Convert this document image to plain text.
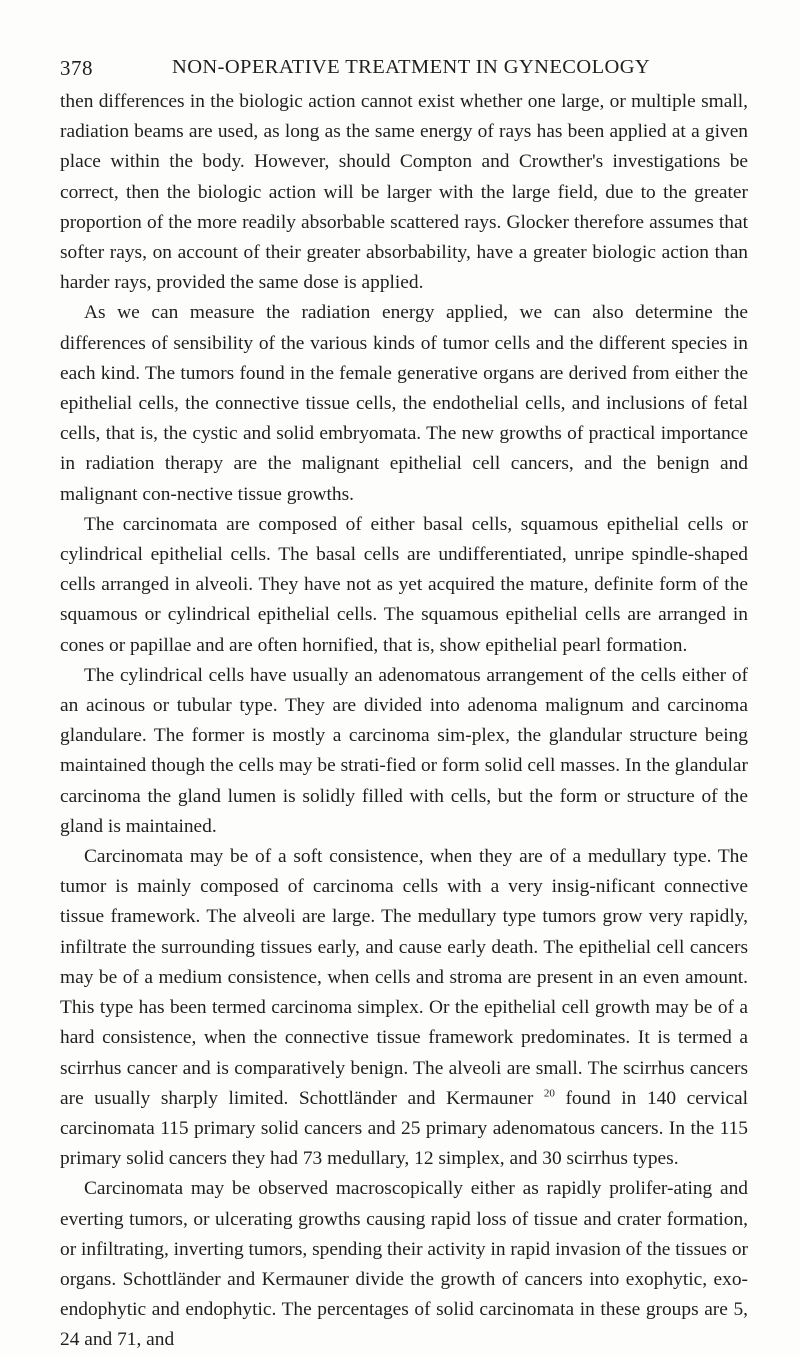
378	NON-OPERATIVE TREATMENT IN GYNECOLOGY

then differences in the biologic action cannot exist whether one large, or multiple small, radiation beams are used, as long as the same energy of rays has been applied at a given place within the body. However, should Compton and Crowther's investigations be correct, then the biologic action will be larger with the large field, due to the greater proportion of the more readily absorbable scattered rays. Glocker therefore assumes that softer rays, on account of their greater absorbability, have a greater biologic action than harder rays, provided the same dose is applied.

As we can measure the radiation energy applied, we can also determine the differences of sensibility of the various kinds of tumor cells and the different species in each kind. The tumors found in the female generative organs are derived from either the epithelial cells, the connective tissue cells, the endothelial cells, and inclusions of fetal cells, that is, the cystic and solid embryomata. The new growths of practical importance in radiation therapy are the malignant epithelial cell cancers, and the benign and malignant con-nective tissue growths.

The carcinomata are composed of either basal cells, squamous epithelial cells or cylindrical epithelial cells. The basal cells are undifferentiated, unripe spindle-shaped cells arranged in alveoli. They have not as yet acquired the mature, definite form of the squamous or cylindrical epithelial cells. The squamous epithelial cells are arranged in cones or papillae and are often hornified, that is, show epithelial pearl formation.

The cylindrical cells have usually an adenomatous arrangement of the cells either of an acinous or tubular type. They are divided into adenoma malignum and carcinoma glandulare. The former is mostly a carcinoma sim-plex, the glandular structure being maintained though the cells may be strati-fied or form solid cell masses. In the glandular carcinoma the gland lumen is solidly filled with cells, but the form or structure of the gland is maintained.

Carcinomata may be of a soft consistence, when they are of a medullary type. The tumor is mainly composed of carcinoma cells with a very insig-nificant connective tissue framework. The alveoli are large. The medullary type tumors grow very rapidly, infiltrate the surrounding tissues early, and cause early death. The epithelial cell cancers may be of a medium consistence, when cells and stroma are present in an even amount. This type has been termed carcinoma simplex. Or the epithelial cell growth may be of a hard consistence, when the connective tissue framework predominates. It is termed a scirrhus cancer and is comparatively benign. The alveoli are small. The scirrhus cancers are usually sharply limited. Schottländer and Kermauner $^{20}$ found in 140 cervical carcinomata 115 primary solid cancers and 25 primary adenomatous cancers. In the 115 primary solid cancers they had 73 medullary, 12 simplex, and 30 scirrhus types.

Carcinomata may be observed macroscopically either as rapidly prolifer-ating and everting tumors, or ulcerating growths causing rapid loss of tissue and crater formation, or infiltrating, inverting tumors, spending their activity in rapid invasion of the tissues or organs. Schottländer and Kermauner divide the growth of cancers into exophytic, exo-endophytic and endophytic. The percentages of solid carcinomata in these groups are 5, 24 and 71, and
